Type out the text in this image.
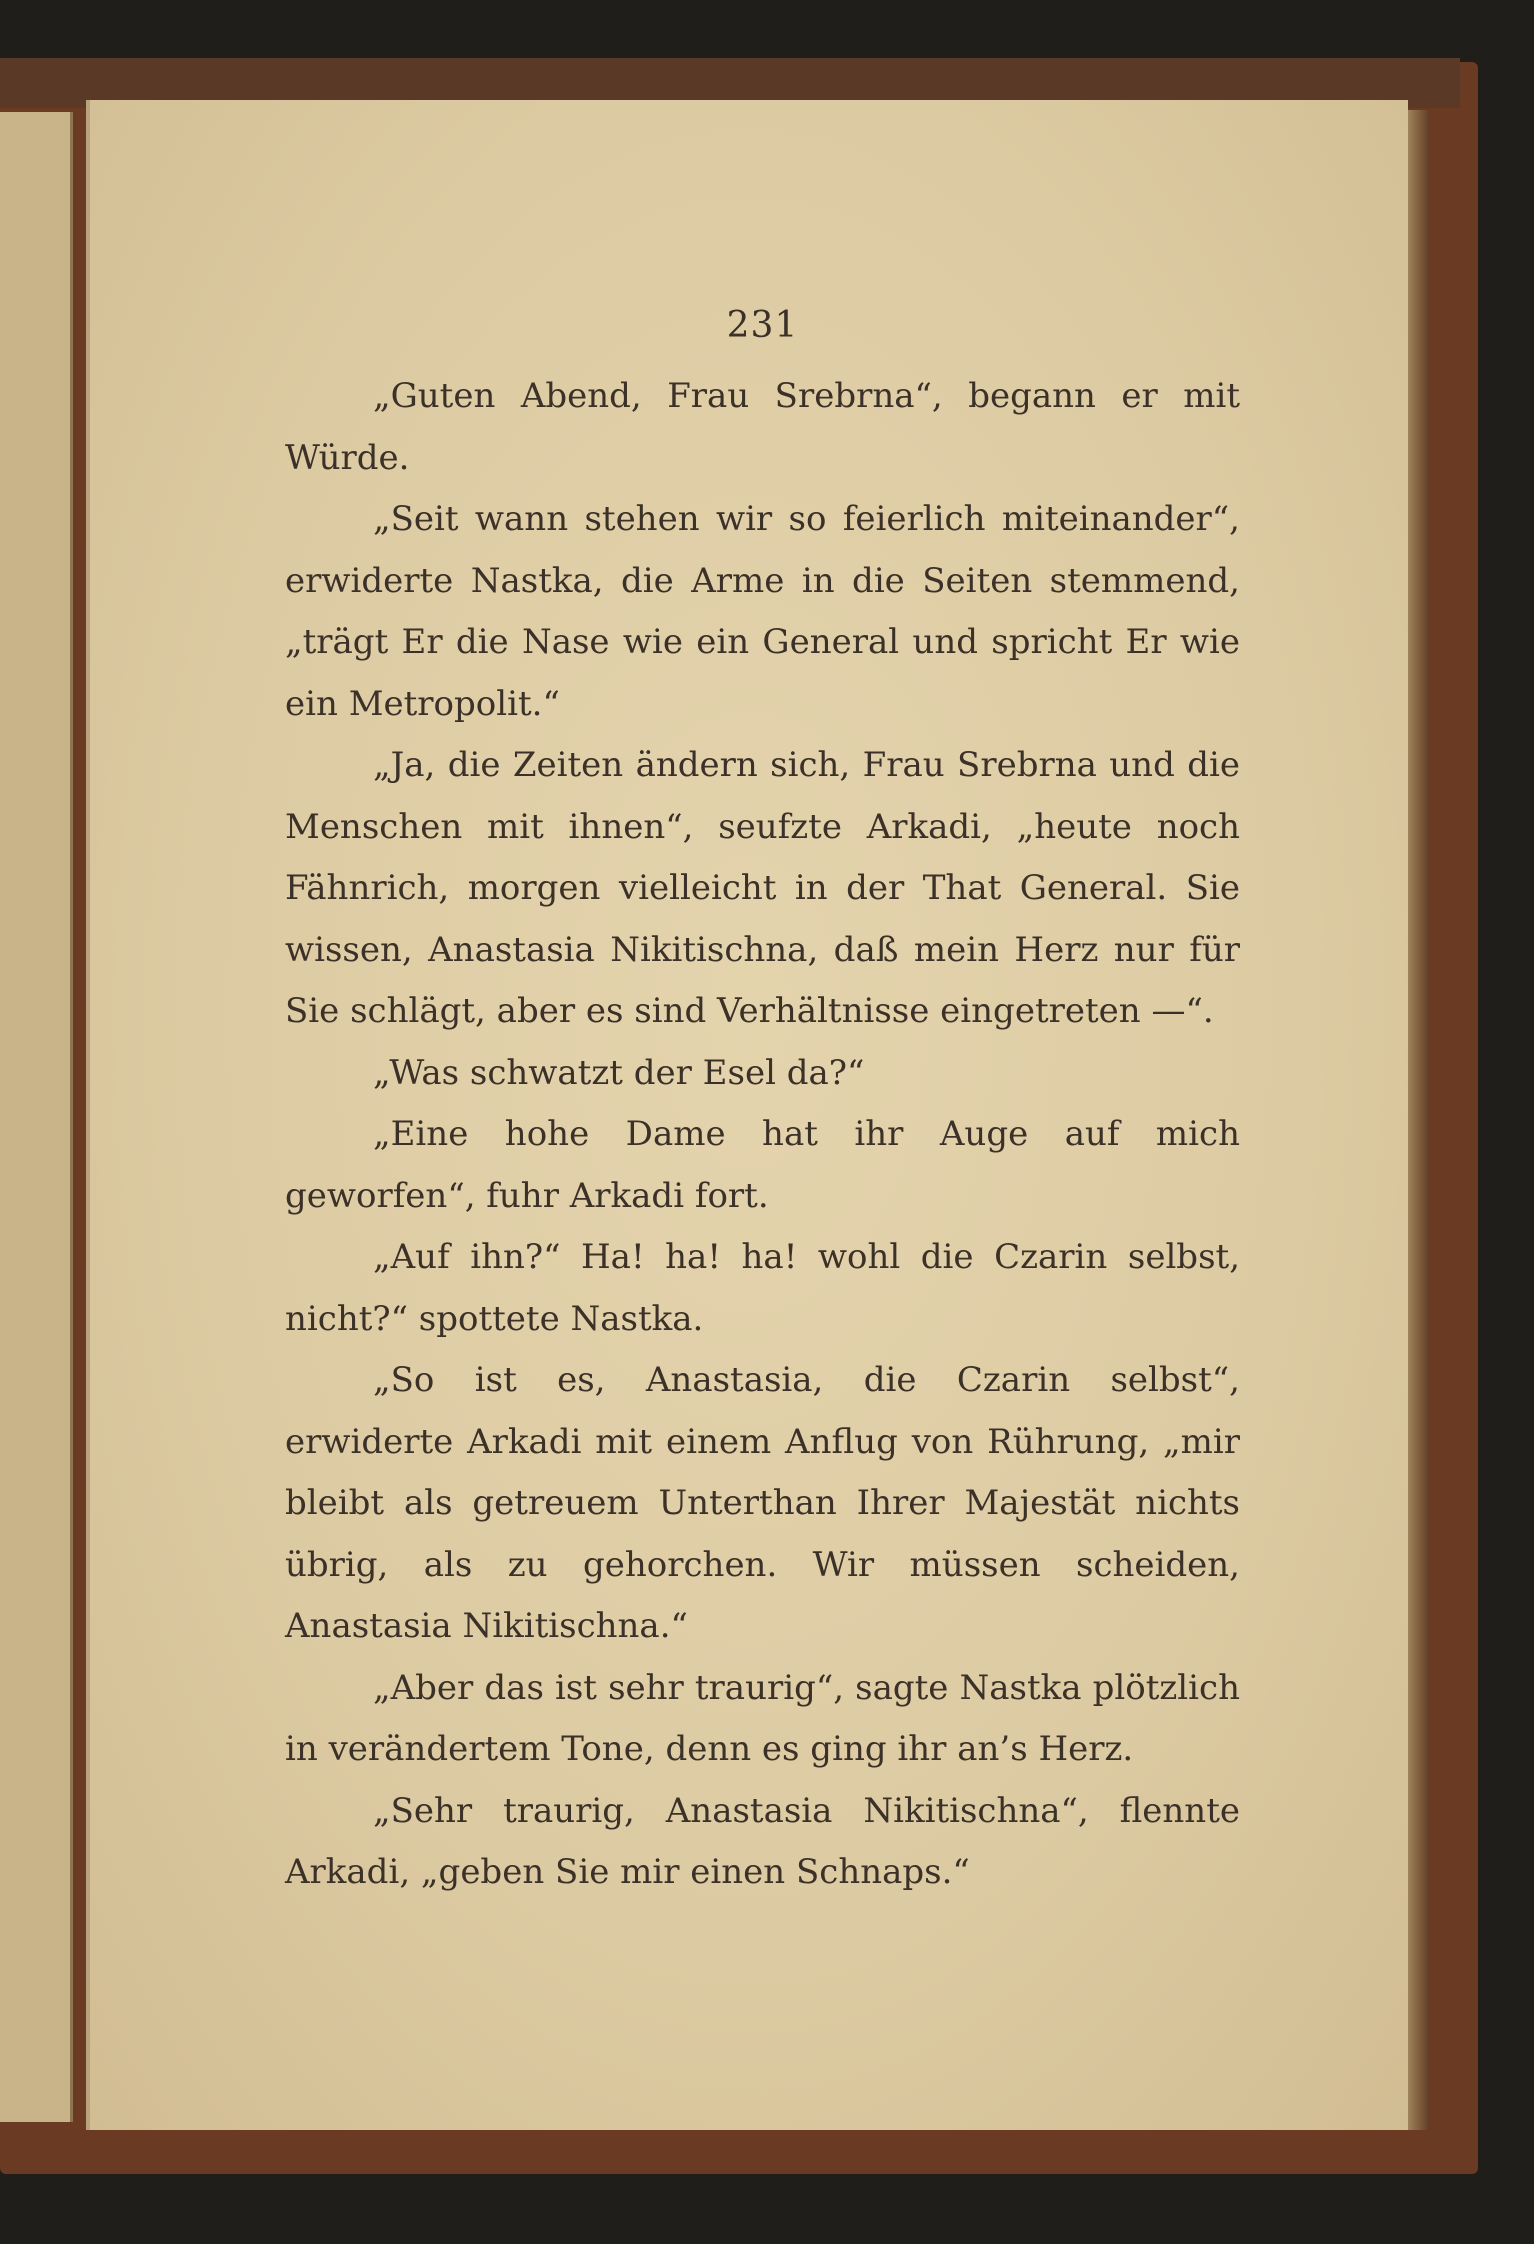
231

„Guten Abend, Frau Srebrna“, begann er mit Würde.

„Seit wann stehen wir so feierlich miteinander“, erwiderte Nastka, die Arme in die Seiten stemmend, „trägt Er die Nase wie ein General und spricht Er wie ein Metropolit.“

„Ja, die Zeiten ändern sich, Frau Srebrna und die Menschen mit ihnen“, seufzte Arkadi, „heute noch Fähnrich, morgen vielleicht in der That General. Sie wissen, Anastasia Nikitischna, daß mein Herz nur für Sie schlägt, aber es sind Verhältnisse eingetreten —“.

„Was schwatzt der Esel da?“

„Eine hohe Dame hat ihr Auge auf mich geworfen“, fuhr Arkadi fort.

„Auf ihn?“ Ha! ha! ha! wohl die Czarin selbst, nicht?“ spottete Nastka.

„So ist es, Anastasia, die Czarin selbst“, erwiderte Arkadi mit einem Anflug von Rührung, „mir bleibt als getreuem Unterthan Ihrer Majestät nichts übrig, als zu gehorchen. Wir müssen scheiden, Anastasia Nikitischna.“

„Aber das ist sehr traurig“, sagte Nastka plötzlich in verändertem Tone, denn es ging ihr an’s Herz.

„Sehr traurig, Anastasia Nikitischna“, flennte Arkadi, „geben Sie mir einen Schnaps.“
